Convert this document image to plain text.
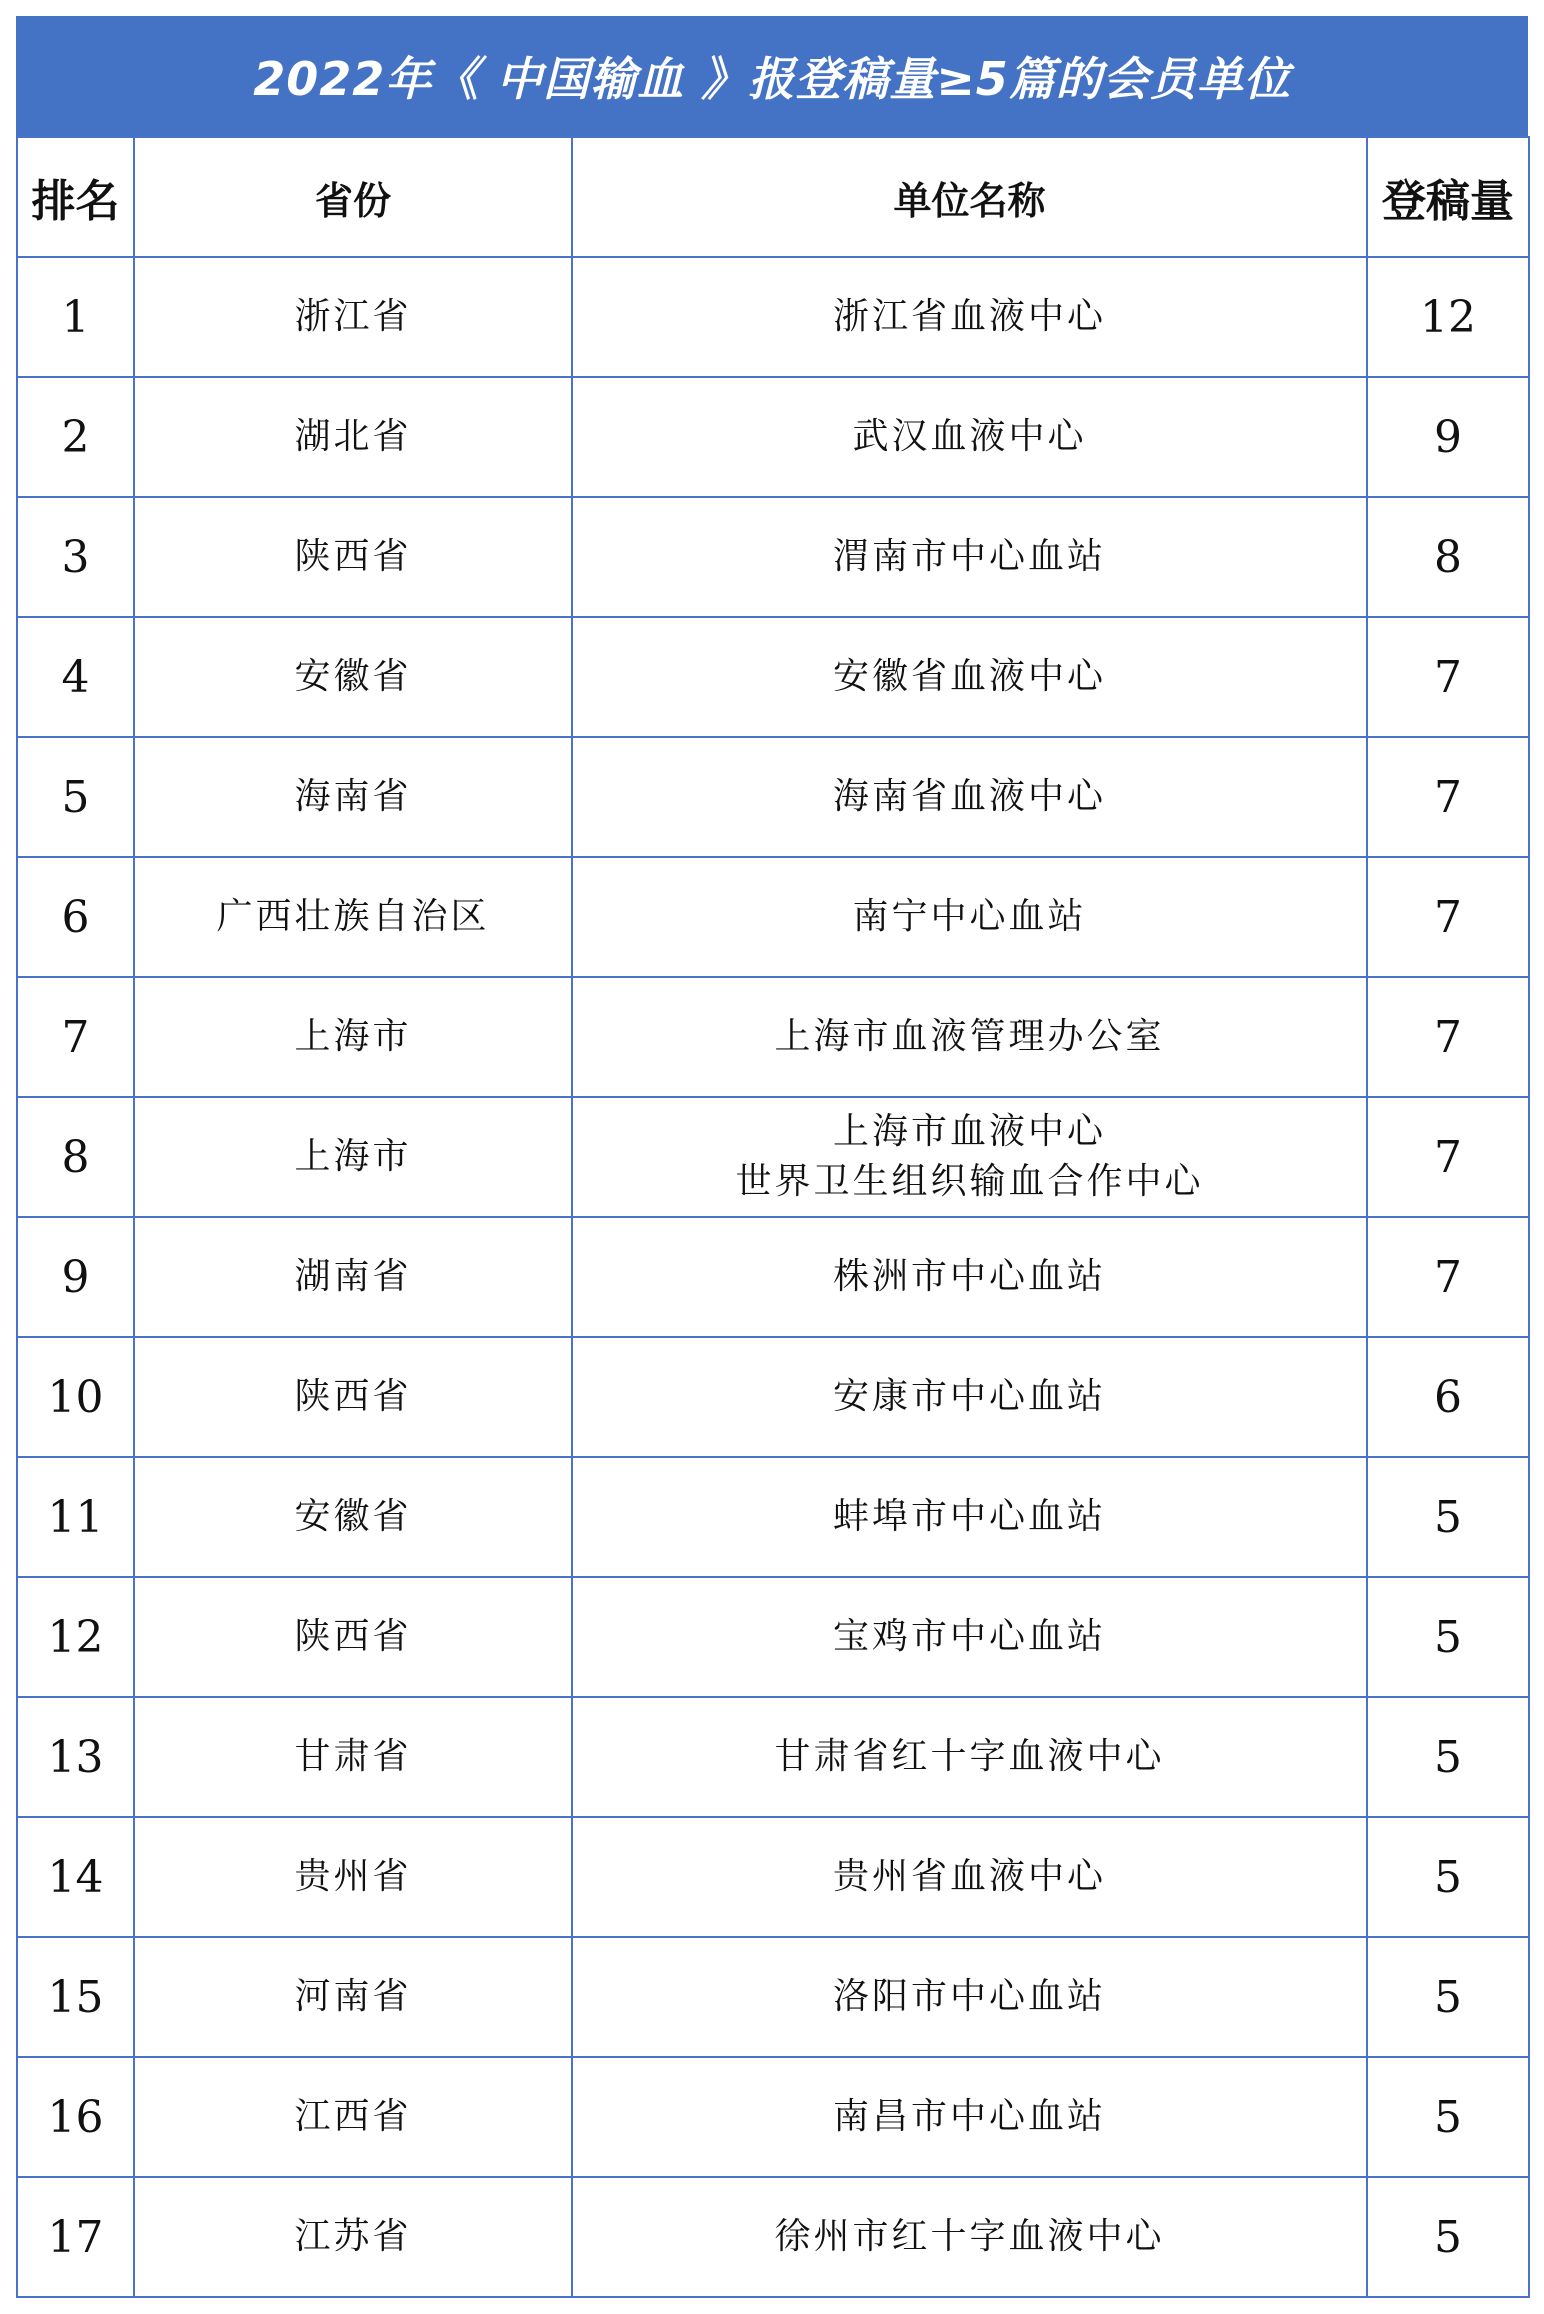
2022年《 中国输血 》报登稿量≥5篇的会员单位
排名	省份	单位名称	登稿量
1	浙江省	浙江省血液中心	12
2	湖北省	武汉血液中心	9
3	陕西省	渭南市中心血站	8
4	安徽省	安徽省血液中心	7
5	海南省	海南省血液中心	7
6	广西壮族自治区	南宁中心血站	7
7	上海市	上海市血液管理办公室	7
8	上海市	上海市血液中心
世界卫生组织输血合作中心	7
9	湖南省	株洲市中心血站	7
10	陕西省	安康市中心血站	6
11	安徽省	蚌埠市中心血站	5
12	陕西省	宝鸡市中心血站	5
13	甘肃省	甘肃省红十字血液中心	5
14	贵州省	贵州省血液中心	5
15	河南省	洛阳市中心血站	5
16	江西省	南昌市中心血站	5
17	江苏省	徐州市红十字血液中心	5
